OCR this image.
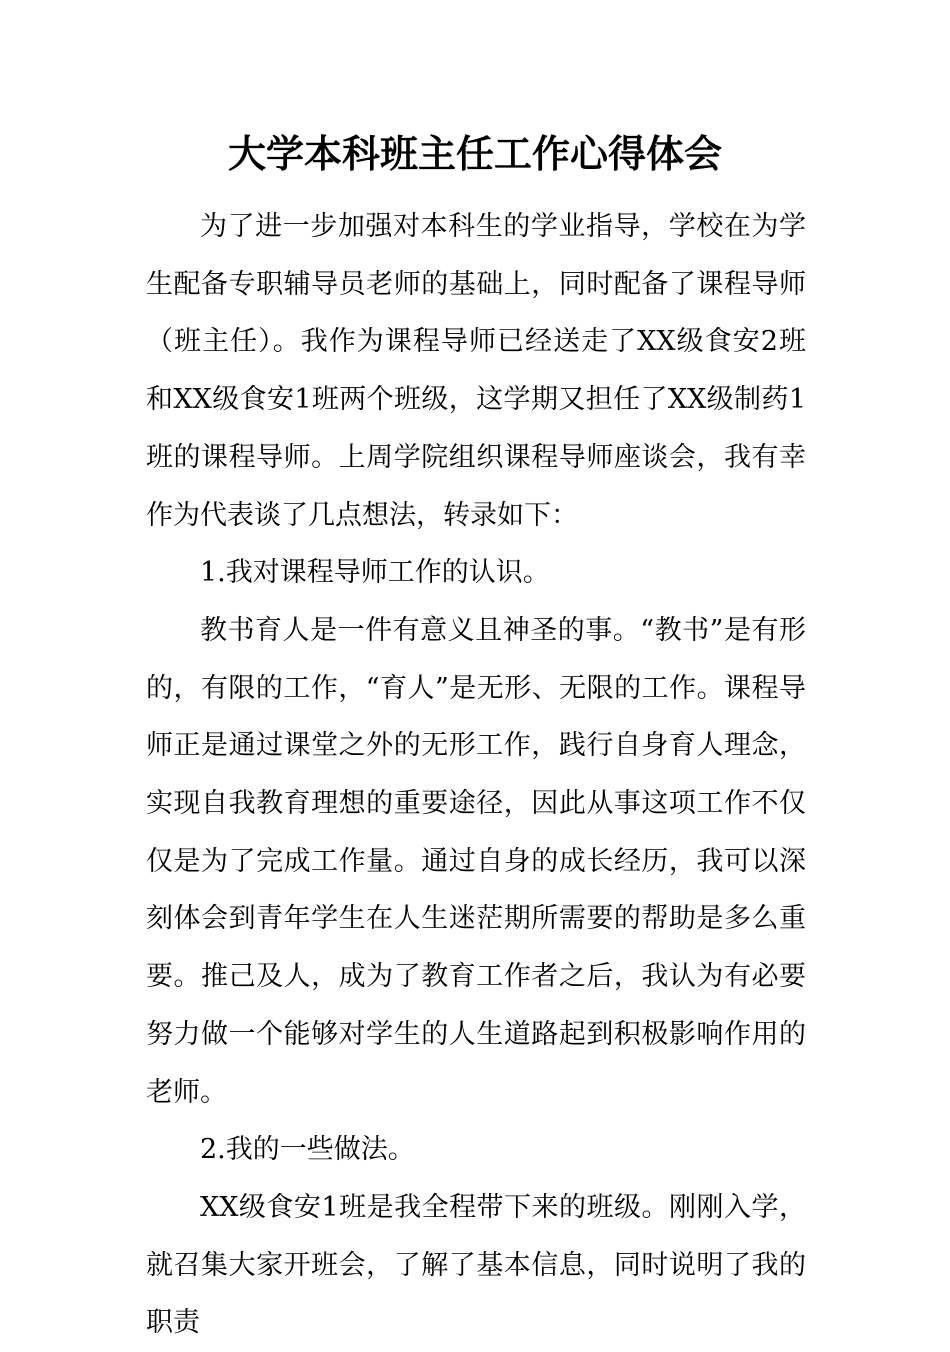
大学本科班主任工作心得体会

为了进一步加强对本科生的学业指导，学校在为学生配备专职辅导员老师的基础上，同时配备了课程导师（班主任）。我作为课程导师已经送走了XX级食安2班和XX级食安1班两个班级，这学期又担任了XX级制药1班的课程导师。上周学院组织课程导师座谈会，我有幸作为代表谈了几点想法，转录如下：

1.我对课程导师工作的认识。

教书育人是一件有意义且神圣的事。“教书”是有形的，有限的工作，“育人”是无形、无限的工作。课程导师正是通过课堂之外的无形工作，践行自身育人理念，实现自我教育理想的重要途径，因此从事这项工作不仅仅是为了完成工作量。通过自身的成长经历，我可以深刻体会到青年学生在人生迷茫期所需要的帮助是多么重要。推己及人，成为了教育工作者之后，我认为有必要努力做一个能够对学生的人生道路起到积极影响作用的老师。

2.我的一些做法。

XX级食安1班是我全程带下来的班级。刚刚入学，就召集大家开班会，了解了基本信息，同时说明了我的职责
